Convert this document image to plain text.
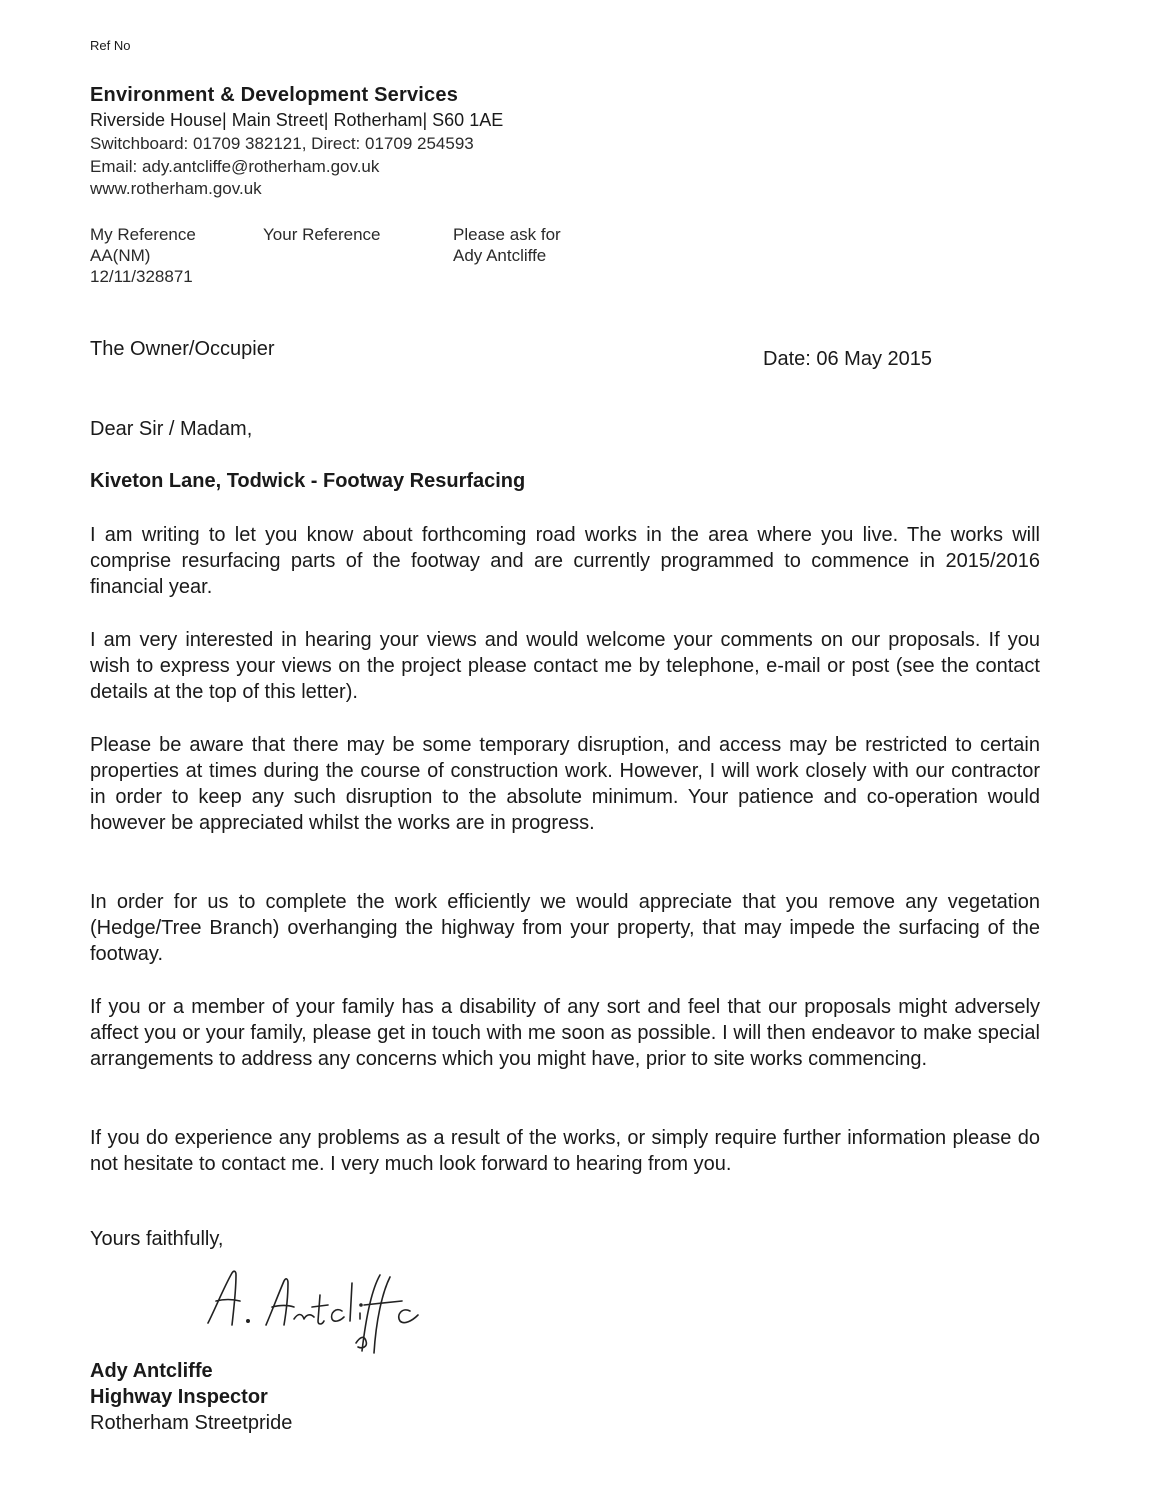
Ref No
Environment & Development Services
Riverside House| Main Street| Rotherham| S60 1AE
Switchboard: 01709 382121, Direct: 01709 254593
Email: ady.antcliffe@rotherham.gov.uk
www.rotherham.gov.uk
My Reference
AA(NM)
12/11/328871
Your Reference	Please ask for
Ady Antcliffe
The Owner/Occupier	Date: 06 May 2015
Dear Sir / Madam,
Kiveton Lane, Todwick - Footway Resurfacing

I am writing to let you know about forthcoming road works in the area where you live. The works will comprise resurfacing parts of the footway and are currently programmed to commence in 2015/2016 financial year.

I am very interested in hearing your views and would welcome your comments on our proposals. If you wish to express your views on the project please contact me by telephone, e-mail or post (see the contact details at the top of this letter).

Please be aware that there may be some temporary disruption, and access may be restricted to certain properties at times during the course of construction work. However, I will work closely with our contractor in order to keep any such disruption to the absolute minimum. Your patience and co-operation would however be appreciated whilst the works are in progress.

In order for us to complete the work efficiently we would appreciate that you remove any vegetation (Hedge/Tree Branch) overhanging the highway from your property, that may impede the surfacing of the footway.

If you or a member of your family has a disability of any sort and feel that our proposals might adversely affect you or your family, please get in touch with me soon as possible. I will then endeavor to make special arrangements to address any concerns which you might have, prior to site works commencing.

If you do experience any problems as a result of the works, or simply require further information please do not hesitate to contact me. I very much look forward to hearing from you.

Yours faithfully,
Ady Antcliffe
Highway Inspector
Rotherham Streetpride
